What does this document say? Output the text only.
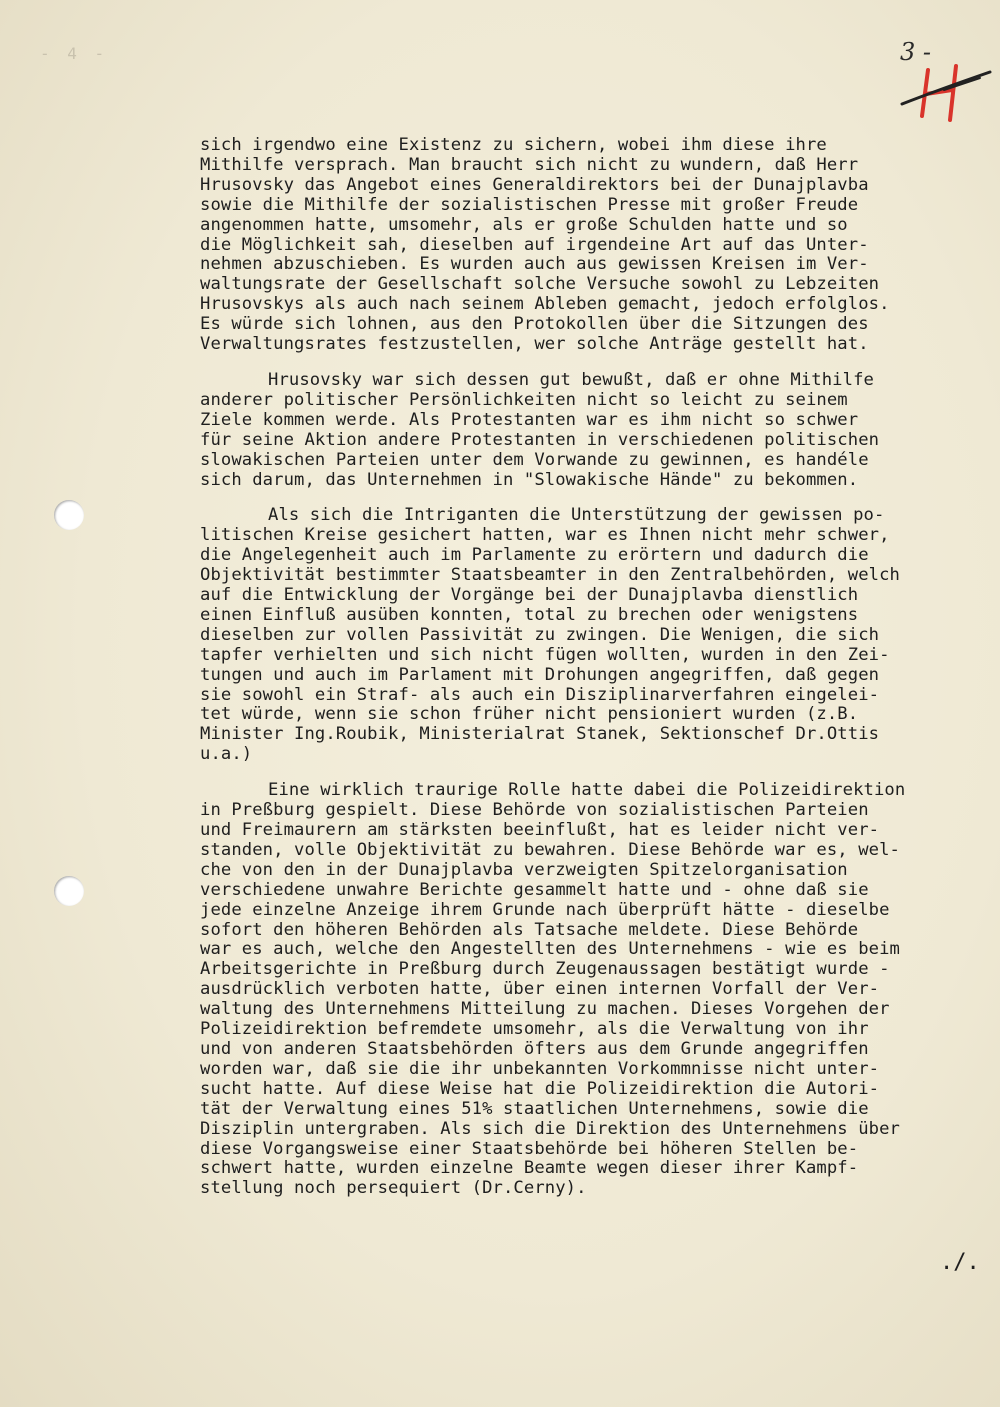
- 4 -	3 -
sich irgendwo eine Existenz zu sichern, wobei ihm diese ihre
Mithilfe versprach. Man braucht sich nicht zu wundern, daß Herr
Hrusovsky das Angebot eines Generaldirektors bei der Dunajplavba
sowie die Mithilfe der sozialistischen Presse mit großer Freude
angenommen hatte, umsomehr, als er große Schulden hatte und so
die Möglichkeit sah, dieselben auf irgendeine Art auf das Unter-
nehmen abzuschieben. Es wurden auch aus gewissen Kreisen im Ver-
waltungsrate der Gesellschaft solche Versuche sowohl zu Lebzeiten
Hrusovskys als auch nach seinem Ableben gemacht, jedoch erfolglos.
Es würde sich lohnen, aus den Protokollen über die Sitzungen des
Verwaltungsrates festzustellen, wer solche Anträge gestellt hat.
Hrusovsky war sich dessen gut bewußt, daß er ohne Mithilfe
anderer politischer Persönlichkeiten nicht so leicht zu seinem
Ziele kommen werde. Als Protestanten war es ihm nicht so schwer
für seine Aktion andere Protestanten in verschiedenen politischen
slowakischen Parteien unter dem Vorwande zu gewinnen, es handéle
sich darum, das Unternehmen in "Slowakische Hände" zu bekommen.
Als sich die Intriganten die Unterstützung der gewissen po-
litischen Kreise gesichert hatten, war es Ihnen nicht mehr schwer,
die Angelegenheit auch im Parlamente zu erörtern und dadurch die
Objektivität bestimmter Staatsbeamter in den Zentralbehörden, welch
auf die Entwicklung der Vorgänge bei der Dunajplavba dienstlich
einen Einfluß ausüben konnten, total zu brechen oder wenigstens
dieselben zur vollen Passivität zu zwingen. Die Wenigen, die sich
tapfer verhielten und sich nicht fügen wollten, wurden in den Zei-
tungen und auch im Parlament mit Drohungen angegriffen, daß gegen
sie sowohl ein Straf- als auch ein Disziplinarverfahren eingelei-
tet würde, wenn sie schon früher nicht pensioniert wurden (z.B.
Minister Ing.Roubik, Ministerialrat Stanek, Sektionschef Dr.Ottis
u.a.)
Eine wirklich traurige Rolle hatte dabei die Polizeidirektion
in Preßburg gespielt. Diese Behörde von sozialistischen Parteien
und Freimaurern am stärksten beeinflußt, hat es leider nicht ver-
standen, volle Objektivität zu bewahren. Diese Behörde war es, wel-
che von den in der Dunajplavba verzweigten Spitzelorganisation
verschiedene unwahre Berichte gesammelt hatte und - ohne daß sie
jede einzelne Anzeige ihrem Grunde nach überprüft hätte - dieselbe
sofort den höheren Behörden als Tatsache meldete. Diese Behörde
war es auch, welche den Angestellten des Unternehmens - wie es beim
Arbeitsgerichte in Preßburg durch Zeugenaussagen bestätigt wurde -
ausdrücklich verboten hatte, über einen internen Vorfall der Ver-
waltung des Unternehmens Mitteilung zu machen. Dieses Vorgehen der
Polizeidirektion befremdete umsomehr, als die Verwaltung von ihr
und von anderen Staatsbehörden öfters aus dem Grunde angegriffen
worden war, daß sie die ihr unbekannten Vorkommnisse nicht unter-
sucht hatte. Auf diese Weise hat die Polizeidirektion die Autori-
tät der Verwaltung eines 51% staatlichen Unternehmens, sowie die
Disziplin untergraben. Als sich die Direktion des Unternehmens über
diese Vorgangsweise einer Staatsbehörde bei höheren Stellen be-
schwert hatte, wurden einzelne Beamte wegen dieser ihrer Kampf-
stellung noch persequiert (Dr.Cerny).
./.
